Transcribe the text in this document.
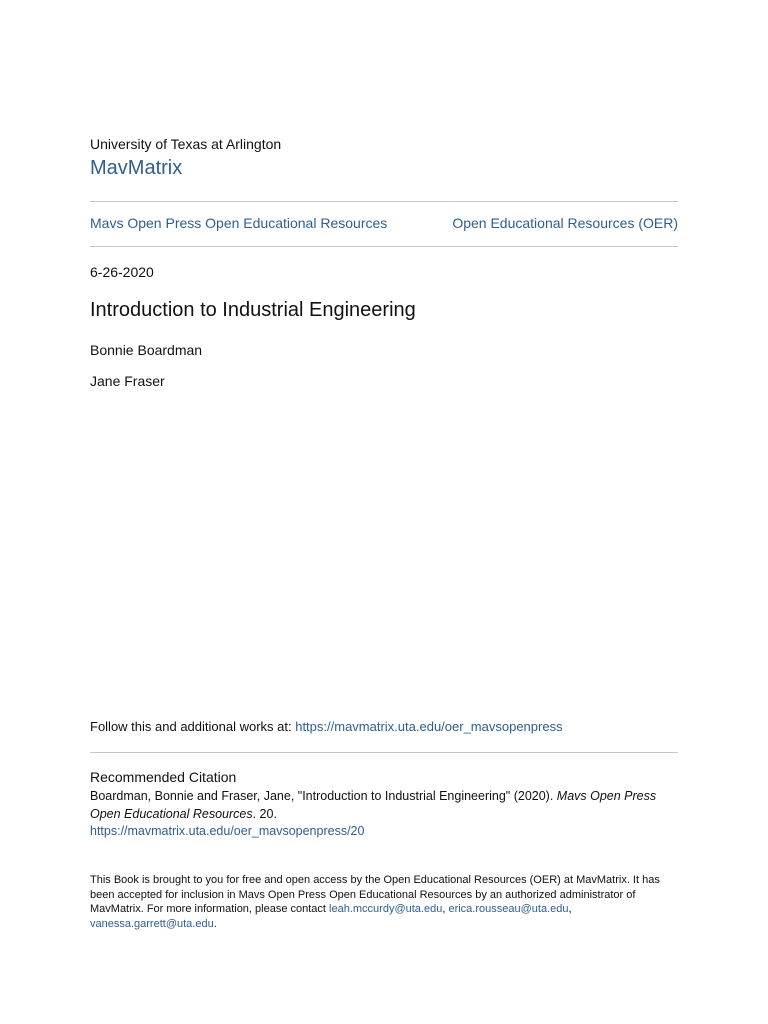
University of Texas at Arlington
MavMatrix
Mavs Open Press Open Educational Resources	Open Educational Resources (OER)
6-26-2020
Introduction to Industrial Engineering
Bonnie Boardman
Jane Fraser
Follow this and additional works at: https://mavmatrix.uta.edu/oer_mavsopenpress
Recommended Citation
Boardman, Bonnie and Fraser, Jane, "Introduction to Industrial Engineering" (2020). Mavs Open Press Open Educational Resources. 20.
https://mavmatrix.uta.edu/oer_mavsopenpress/20
This Book is brought to you for free and open access by the Open Educational Resources (OER) at MavMatrix. It has been accepted for inclusion in Mavs Open Press Open Educational Resources by an authorized administrator of MavMatrix. For more information, please contact leah.mccurdy@uta.edu, erica.rousseau@uta.edu,
vanessa.garrett@uta.edu.
